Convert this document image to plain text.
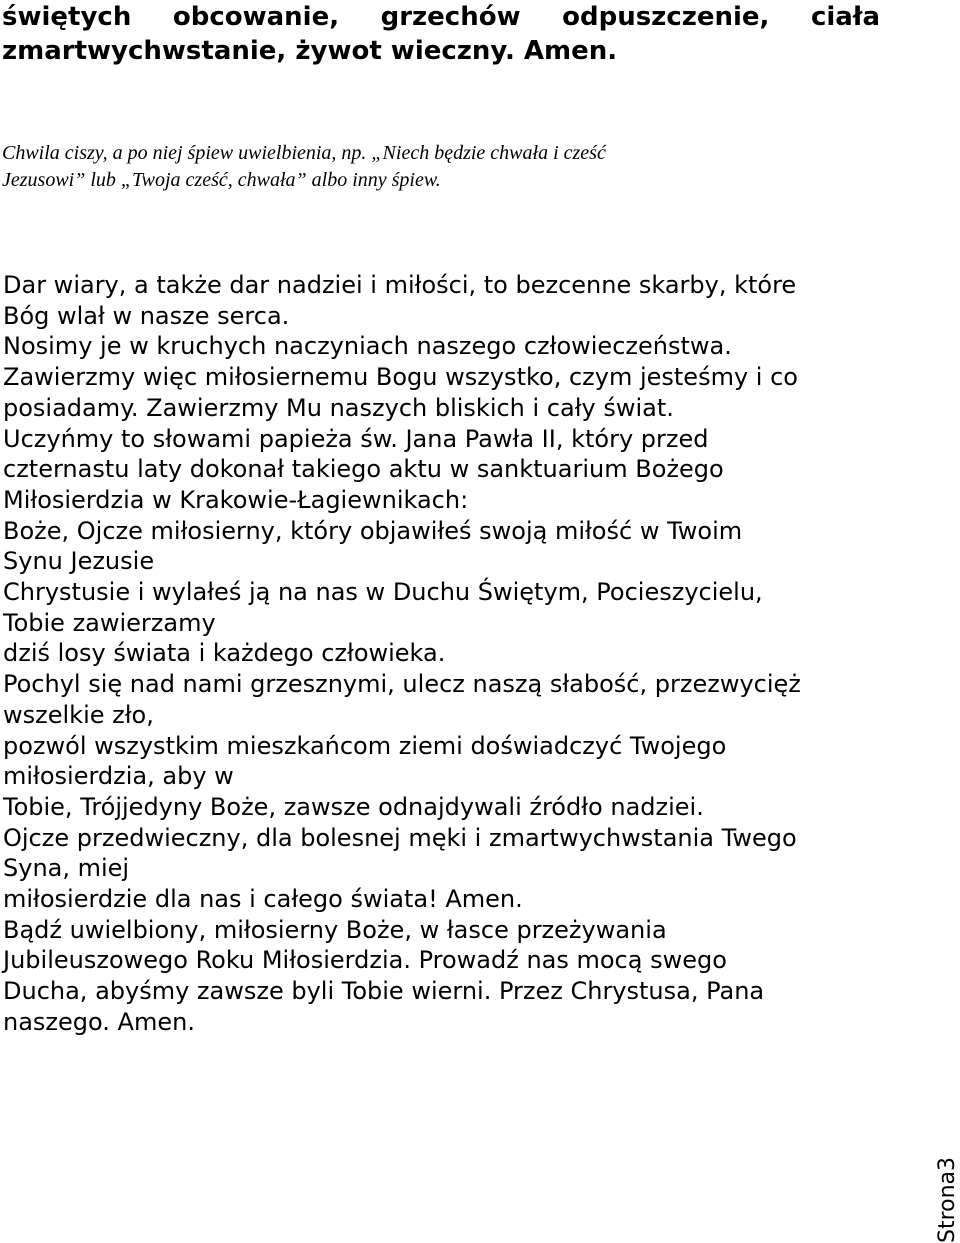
świętych obcowanie, grzechów odpuszczenie, ciała
zmartwychwstanie, żywot wieczny. Amen.
Chwila ciszy, a po niej śpiew uwielbienia, np. „Niech będzie chwała i cześć
Jezusowi” lub „Twoja cześć, chwała” albo inny śpiew.
Dar wiary, a także dar nadziei i miłości, to bezcenne skarby, które
Bóg wlał w nasze serca.
Nosimy je w kruchych naczyniach naszego człowieczeństwa.
Zawierzmy więc miłosiernemu Bogu wszystko, czym jesteśmy i co
posiadamy. Zawierzmy Mu naszych bliskich i cały świat.
Uczyńmy to słowami papieża św. Jana Pawła II, który przed
czternastu laty dokonał takiego aktu w sanktuarium Bożego
Miłosierdzia w Krakowie-Łagiewnikach:
Boże, Ojcze miłosierny, który objawiłeś swoją miłość w Twoim
Synu Jezusie
Chrystusie i wylałeś ją na nas w Duchu Świętym, Pocieszycielu,
Tobie zawierzamy
dziś losy świata i każdego człowieka.
Pochyl się nad nami grzesznymi, ulecz naszą słabość, przezwycięż
wszelkie zło,
pozwól wszystkim mieszkańcom ziemi doświadczyć Twojego
miłosierdzia, aby w
Tobie, Trójjedyny Boże, zawsze odnajdywali źródło nadziei.
Ojcze przedwieczny, dla bolesnej męki i zmartwychwstania Twego
Syna, miej
miłosierdzie dla nas i całego świata! Amen.
Bądź uwielbiony, miłosierny Boże, w łasce przeżywania
Jubileuszowego Roku Miłosierdzia. Prowadź nas mocą swego
Ducha, abyśmy zawsze byli Tobie wierni. Przez Chrystusa, Pana
naszego. Amen.
Strona3
